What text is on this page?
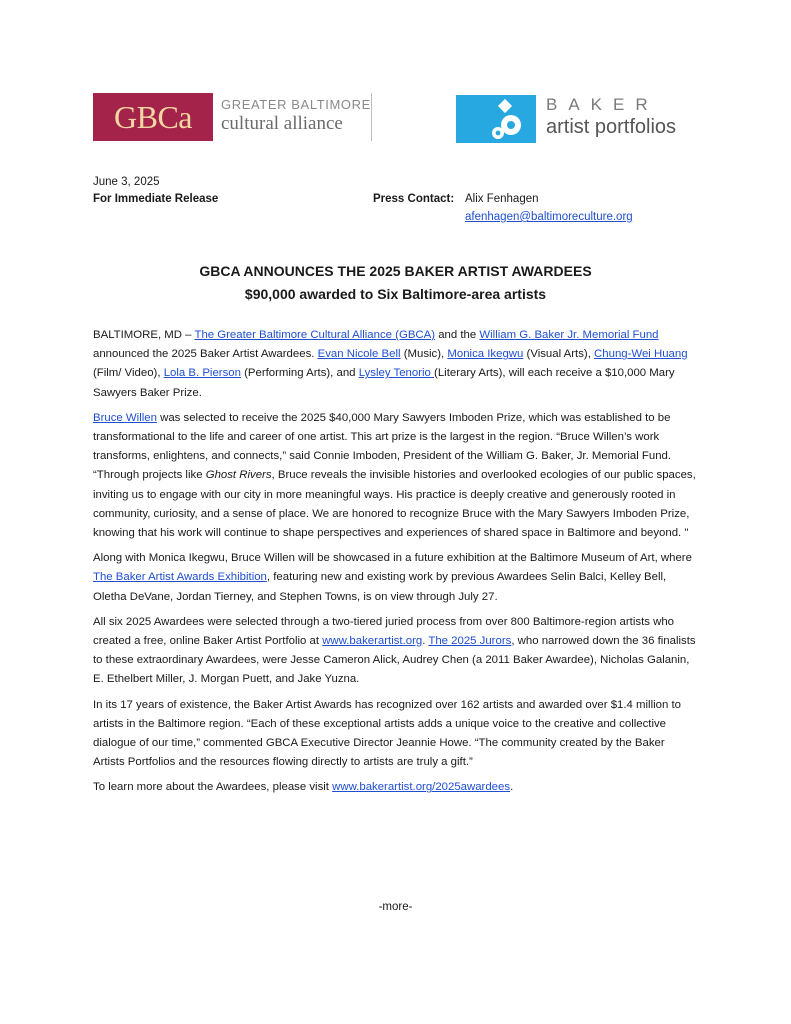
GBCa	GREATER BALTIMORE
cultural alliance
BAKER
artist portfolios
June 3, 2025
For Immediate Release	Press Contact: Alix Fenhagen
afenhagen@baltimoreculture.org
GBCA ANNOUNCES THE 2025 BAKER ARTIST AWARDEES
$90,000 awarded to Six Baltimore-area artists

BALTIMORE, MD – The Greater Baltimore Cultural Alliance (GBCA) and the William G. Baker Jr. Memorial Fund announced the 2025 Baker Artist Awardees. Evan Nicole Bell (Music), Monica Ikegwu (Visual Arts), Chung-Wei Huang (Film/ Video), Lola B. Pierson (Performing Arts), and Lysley Tenorio (Literary Arts), will each receive a $10,000 Mary Sawyers Baker Prize.

Bruce Willen was selected to receive the 2025 $40,000 Mary Sawyers Imboden Prize, which was established to be transformational to the life and career of one artist. This art prize is the largest in the region. “Bruce Willen’s work transforms, enlightens, and connects,” said Connie Imboden, President of the William G. Baker, Jr. Memorial Fund. “Through projects like Ghost Rivers, Bruce reveals the invisible histories and overlooked ecologies of our public spaces, inviting us to engage with our city in more meaningful ways. His practice is deeply creative and generously rooted in community, curiosity, and a sense of place. We are honored to recognize Bruce with the Mary Sawyers Imboden Prize, knowing that his work will continue to shape perspectives and experiences of shared space in Baltimore and beyond. "

Along with Monica Ikegwu, Bruce Willen will be showcased in a future exhibition at the Baltimore Museum of Art, where The Baker Artist Awards Exhibition, featuring new and existing work by previous Awardees Selin Balci, Kelley Bell, Oletha DeVane, Jordan Tierney, and Stephen Towns, is on view through July 27.

All six 2025 Awardees were selected through a two-tiered juried process from over 800 Baltimore-region artists who created a free, online Baker Artist Portfolio at www.bakerartist.org. The 2025 Jurors, who narrowed down the 36 finalists to these extraordinary Awardees, were Jesse Cameron Alick, Audrey Chen (a 2011 Baker Awardee), Nicholas Galanin, E. Ethelbert Miller, J. Morgan Puett, and Jake Yuzna.

In its 17 years of existence, the Baker Artist Awards has recognized over 162 artists and awarded over $1.4 million to artists in the Baltimore region. “Each of these exceptional artists adds a unique voice to the creative and collective dialogue of our time,” commented GBCA Executive Director Jeannie Howe. “The community created by the Baker Artists Portfolios and the resources flowing directly to artists are truly a gift.”

To learn more about the Awardees, please visit www.bakerartist.org/2025awardees.

-more-
